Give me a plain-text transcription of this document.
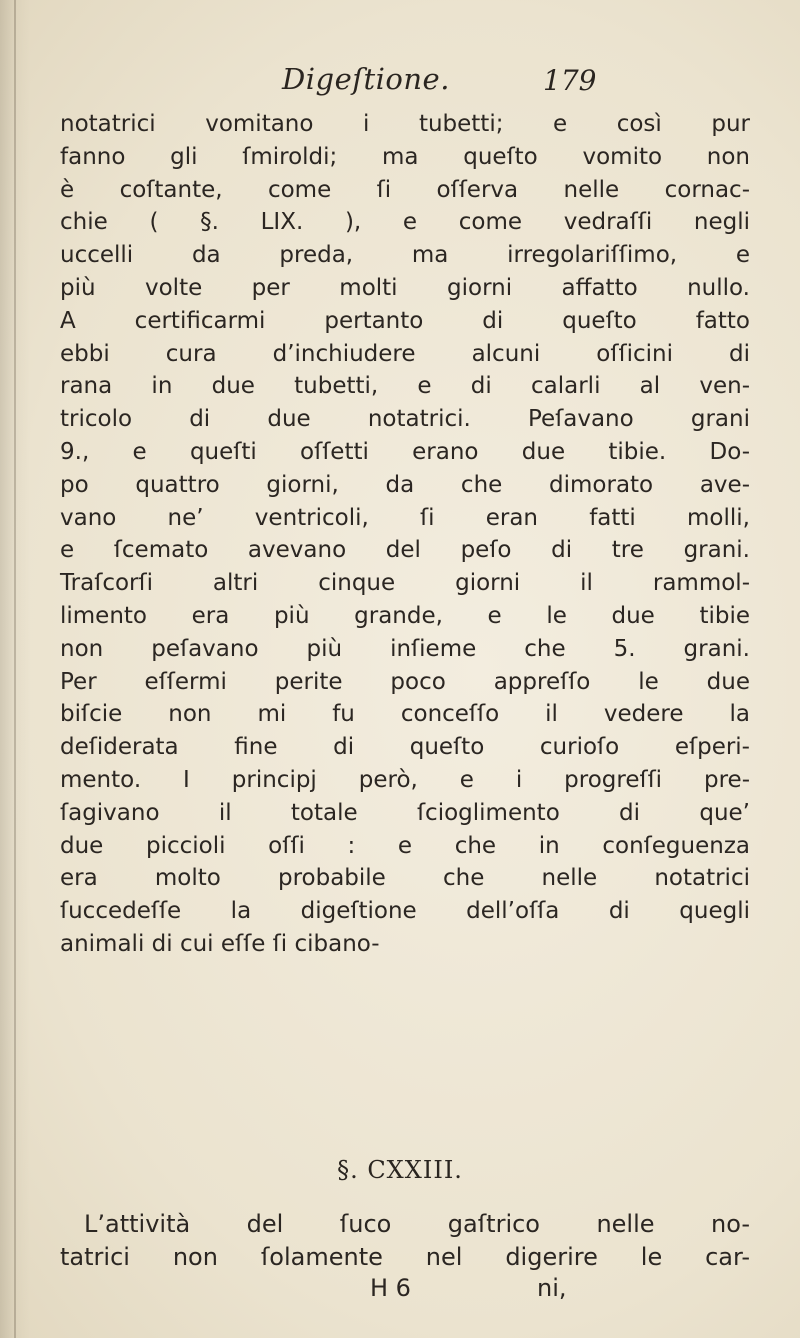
Digeſtione.	179
notatrici vomitano i tubetti; e così pur
fanno gli ſmiroldi; ma queſto vomito non
è coſtante, come ſi oſſerva nelle cornac-
chie ( §. LIX. ), e come vedraſſi negli
uccelli da preda, ma irregolariſſimo, e
più volte per molti giorni affatto nullo.
A certificarmi pertanto di queſto fatto
ebbi cura d’inchiudere alcuni oſſicini di
rana in due tubetti, e di calarli al ven-
tricolo di due notatrici. Peſavano grani
9., e queſti oſſetti erano due tibie. Do-
po quattro giorni, da che dimorato ave-
vano ne’ ventricoli, ſi eran fatti molli,
e ſcemato avevano del peſo di tre grani.
Traſcorſi altri cinque giorni il rammol-
limento era più grande, e le due tibie
non peſavano più inſieme che 5. grani.
Per eſſermi perite poco appreſſo le due
biſcie non mi fu conceſſo il vedere la
deſiderata fine di queſto curioſo eſperi-
mento. I principj però, e i progreſſi pre-
ſagivano il totale ſcioglimento di que’
due piccioli oſſi : e che in conſeguenza
era molto probabile che nelle notatrici
ſuccedeſſe la digeſtione dell’oſſa di quegli
animali di cui eſſe ſi cibano-
§. CXXIII.
L’attività del ſuco gaſtrico nelle no-
tatrici non ſolamente nel digerire le car-
H 6	ni,
